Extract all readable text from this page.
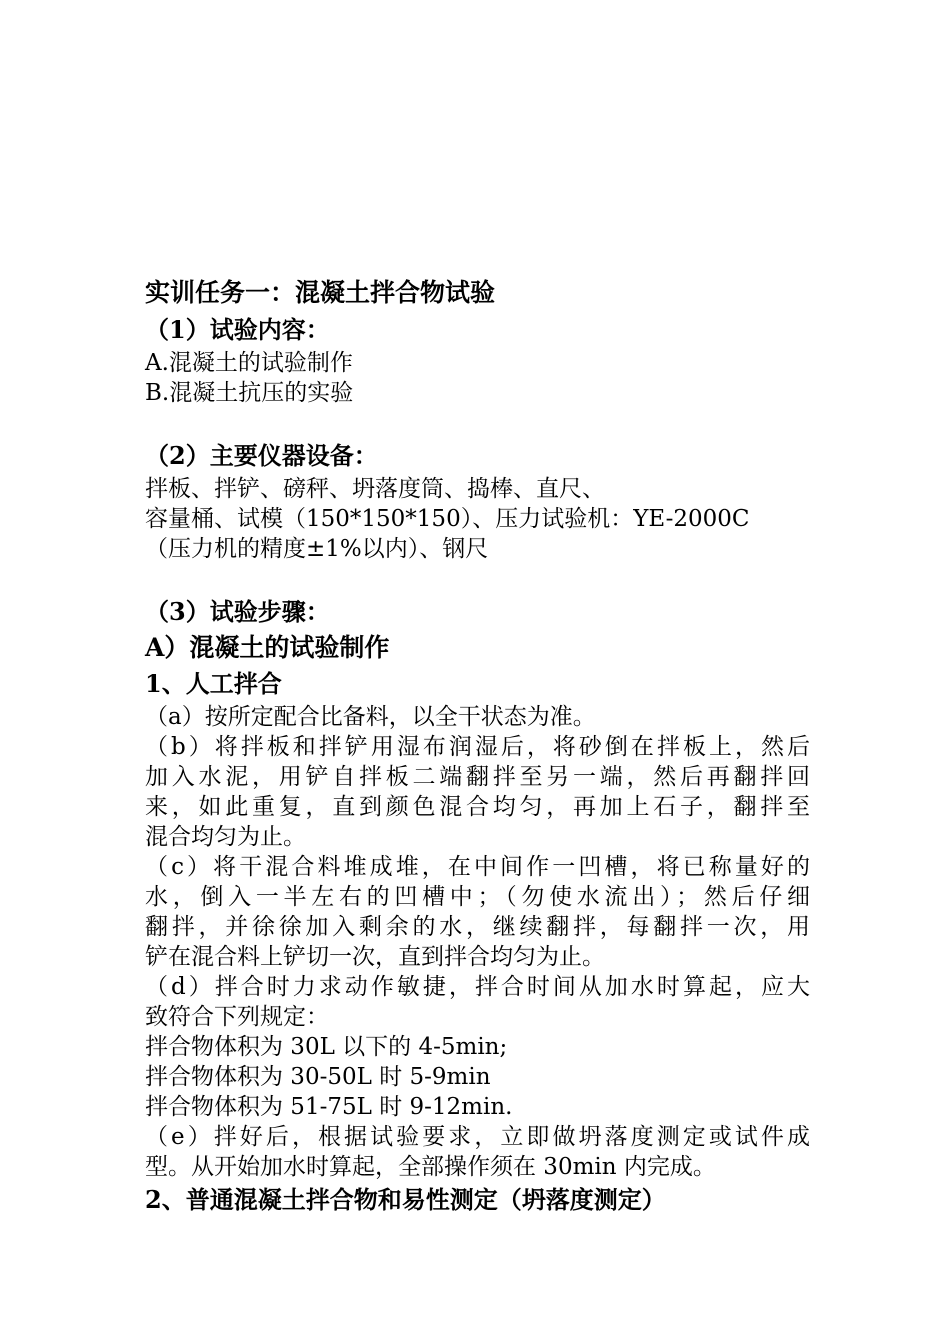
实训任务一：混凝土拌合物试验

（1）试验内容：

A.混凝土的试验制作

B.混凝土抗压的实验

（2）主要仪器设备：

拌板、拌铲、磅秤、坍落度筒、捣棒、直尺、

容量桶、试模（150*150*150）、压力试验机：YE-2000C

（压力机的精度±1%以内）、钢尺

（3）试验步骤：

A）混凝土的试验制作

1、人工拌合

（a）按所定配合比备料，以全干状态为准。

（b）将拌板和拌铲用湿布润湿后，将砂倒在拌板上，然后
加入水泥，用铲自拌板二端翻拌至另一端，然后再翻拌回
来，如此重复，直到颜色混合均匀，再加上石子，翻拌至
混合均匀为止。
（c）将干混合料堆成堆，在中间作一凹槽，将已称量好的
水，倒入一半左右的凹槽中；（勿使水流出）；然后仔细
翻拌，并徐徐加入剩余的水，继续翻拌，每翻拌一次，用
铲在混合料上铲切一次，直到拌合均匀为止。
（d）拌合时力求动作敏捷，拌合时间从加水时算起，应大
致符合下列规定：

拌合物体积为 30L 以下的 4-5min;

拌合物体积为 30-50L 时 5-9min

拌合物体积为 51-75L 时 9-12min.

（e）拌好后，根据试验要求，立即做坍落度测定或试件成
型。从开始加水时算起，全部操作须在 30min 内完成。

2、普通混凝土拌合物和易性测定（坍落度测定）
